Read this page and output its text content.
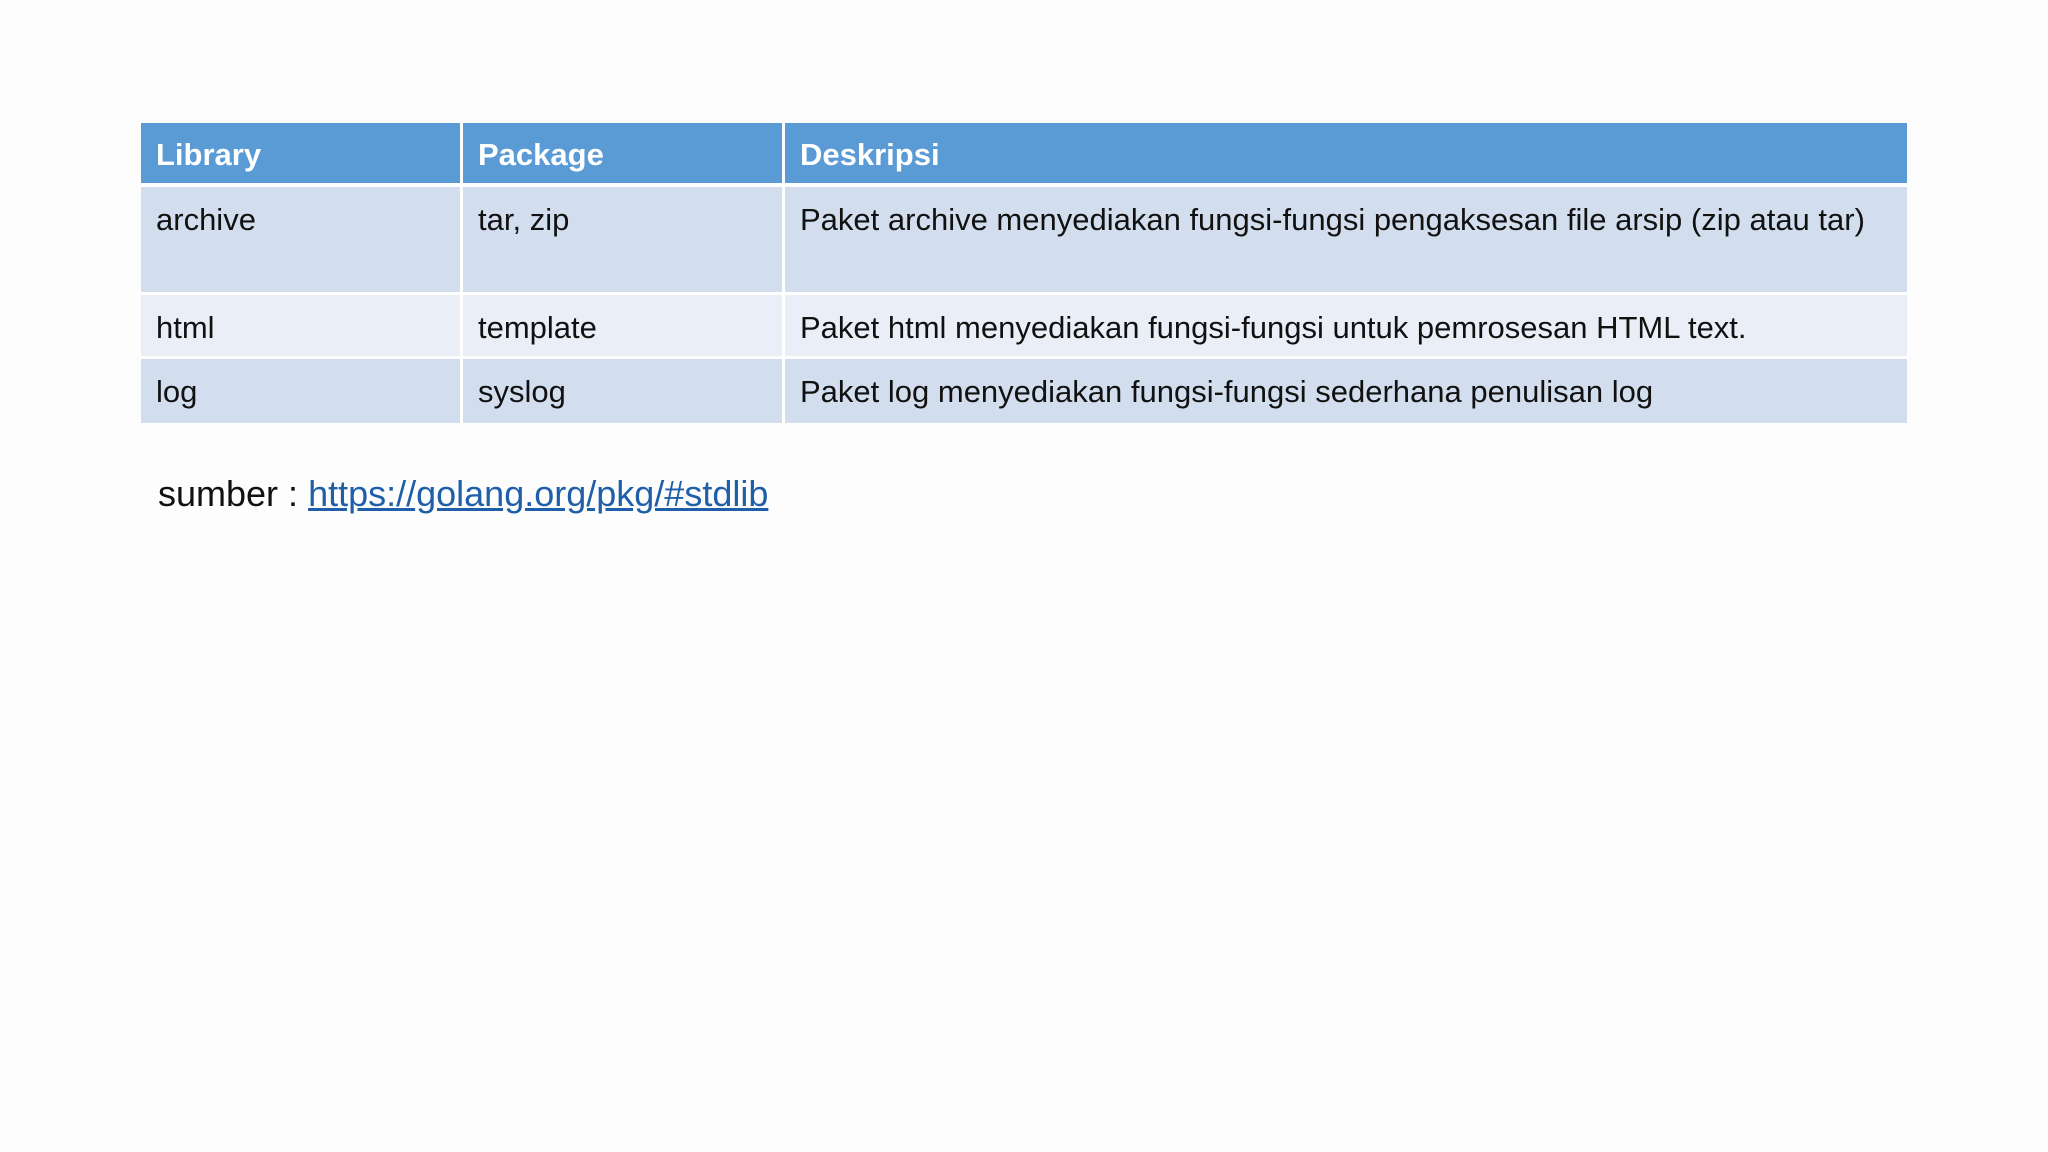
Library	Package	Deskripsi
archive	tar, zip	Paket archive menyediakan fungsi-fungsi pengaksesan file arsip (zip atau tar)
html	template	Paket html menyediakan fungsi-fungsi untuk pemrosesan HTML text.
log	syslog	Paket log menyediakan fungsi-fungsi sederhana penulisan log
sumber : https://golang.org/pkg/#stdlib
